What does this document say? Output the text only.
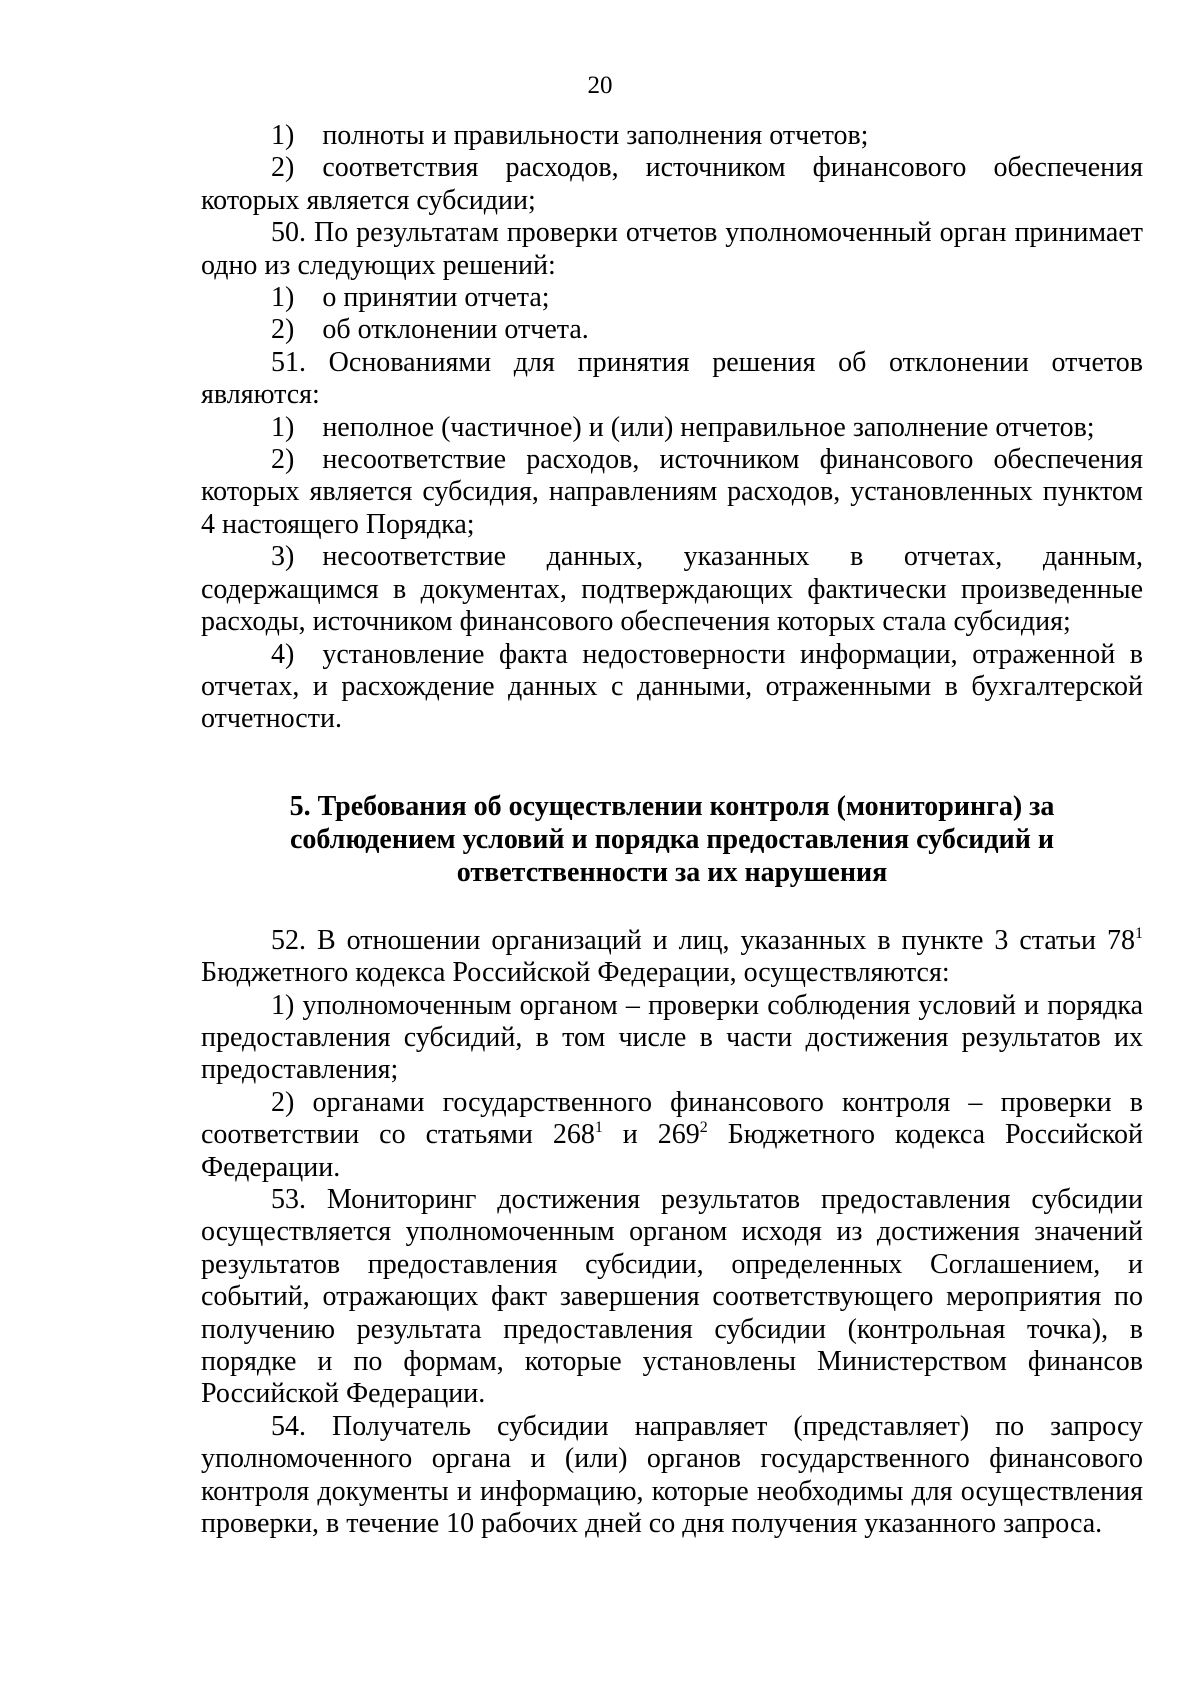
20

1) полноты и правильности заполнения отчетов;

2) соответствия расходов, источником финансового обеспечения которых является субсидии;

50. По результатам проверки отчетов уполномоченный орган принимает одно из следующих решений:

1) о принятии отчета;

2) об отклонении отчета.

51. Основаниями для принятия решения об отклонении отчетов являются:

1) неполное (частичное) и (или) неправильное заполнение отчетов;

2) несоответствие расходов, источником финансового обеспечения которых является субсидия, направлениям расходов, установленных пунктом 4 настоящего Порядка;

3) несоответствие данных, указанных в отчетах, данным, содержащимся в документах, подтверждающих фактически произведенные расходы, источником финансового обеспечения которых стала субсидия;

4) установление факта недостоверности информации, отраженной в отчетах, и расхождение данных с данными, отраженными в бухгалтерской отчетности.

5. Требования об осуществлении контроля (мониторинга) за
соблюдением условий и порядка предоставления субсидий и
ответственности за их нарушения

52. В отношении организаций и лиц, указанных в пункте 3 статьи $78^1$ Бюджетного кодекса Российской Федерации, осуществляются:

1) уполномоченным органом – проверки соблюдения условий и порядка предоставления субсидий, в том числе в части достижения результатов их предоставления;

2) органами государственного финансового контроля – проверки в соответствии со статьями $268^1$ и $269^2$ Бюджетного кодекса Российской Федерации.

53. Мониторинг достижения результатов предоставления субсидии осуществляется уполномоченным органом исходя из достижения значений результатов предоставления субсидии, определенных Соглашением, и событий, отражающих факт завершения соответствующего мероприятия по получению результата предоставления субсидии (контрольная точка), в порядке и по формам, которые установлены Министерством финансов Российской Федерации.

54. Получатель субсидии направляет (представляет) по запросу уполномоченного органа и (или) органов государственного финансового контроля документы и информацию, которые необходимы для осуществления проверки, в течение 10 рабочих дней со дня получения указанного запроса.
